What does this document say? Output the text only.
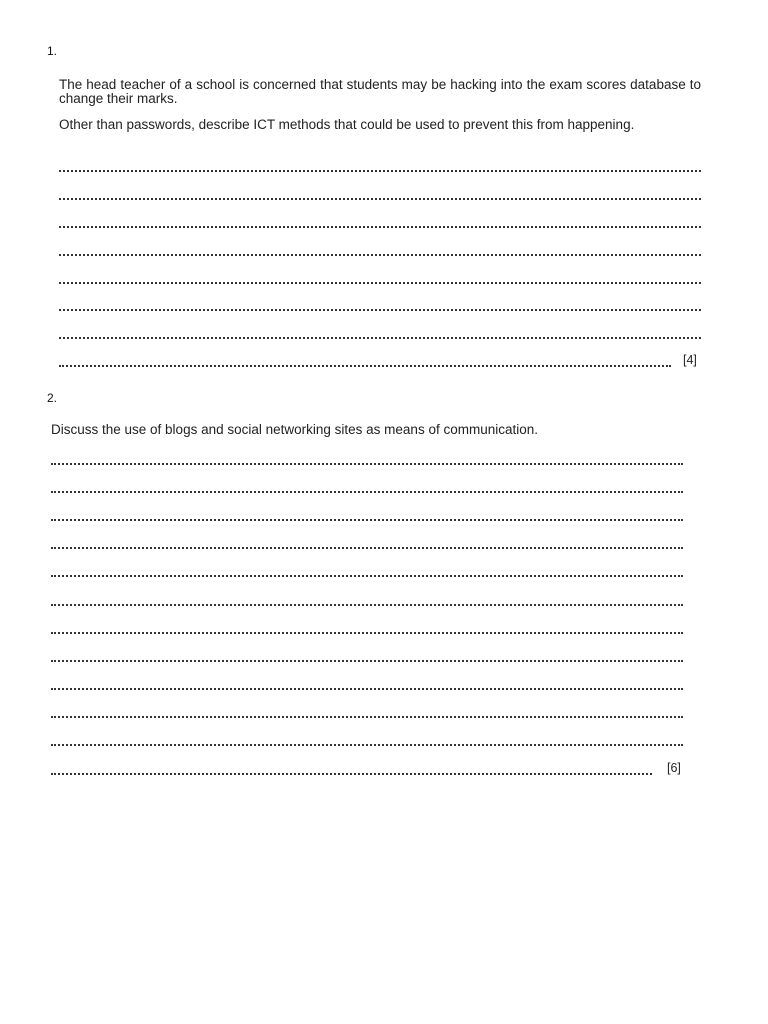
1.

The head teacher of a school is concerned that students may be hacking into the exam scores database to change their marks.

Other than passwords, describe ICT methods that could be used to prevent this from happening.

[4]
2.

Discuss the use of blogs and social networking sites as means of communication.

[6]
